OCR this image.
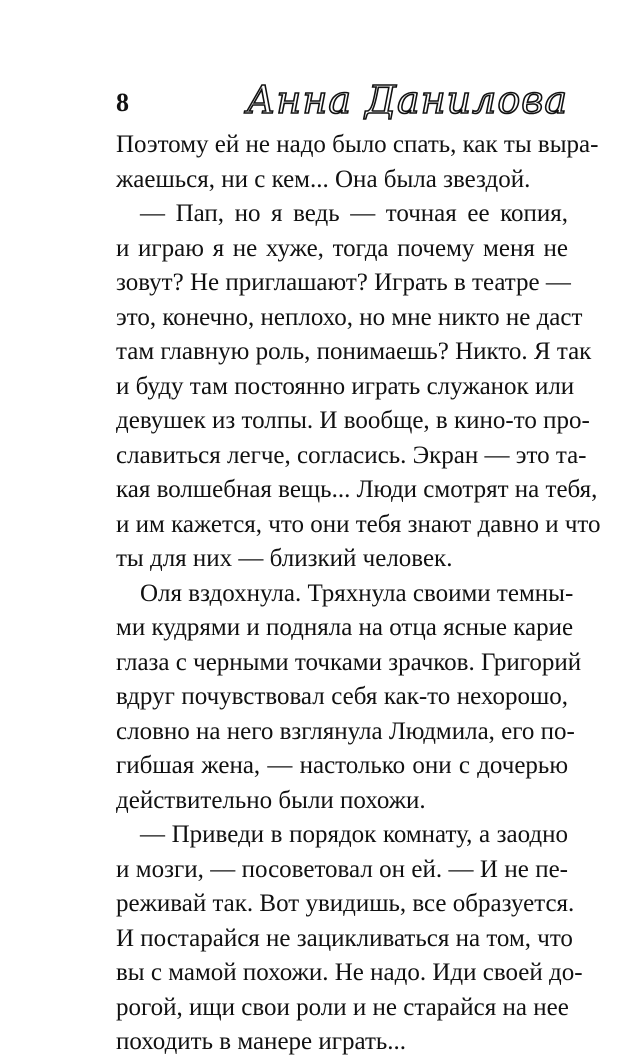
8	Анна Данилова
Поэтому ей не надо было спать, как ты выра-
жаешься, ни с кем... Она была звездой.
— Пап, но я ведь — точная ее копия,
и играю я не хуже, тогда почему меня не
зовут? Не приглашают? Играть в театре —
это, конечно, неплохо, но мне никто не даст
там главную роль, понимаешь? Никто. Я так
и буду там постоянно играть служанок или
девушек из толпы. И вообще, в кино-то про-
славиться легче, согласись. Экран — это та-
кая волшебная вещь... Люди смотрят на тебя,
и им кажется, что они тебя знают давно и что
ты для них — близкий человек.
Оля вздохнула. Тряхнула своими темны-
ми кудрями и подняла на отца ясные карие
глаза с черными точками зрачков. Григорий
вдруг почувствовал себя как-то нехорошо,
словно на него взглянула Людмила, его по-
гибшая жена, — настолько они с дочерью
действительно были похожи.
— Приведи в порядок комнату, а заодно
и мозги, — посоветовал он ей. — И не пе-
реживай так. Вот увидишь, все образуется.
И постарайся не зацикливаться на том, что
вы с мамой похожи. Не надо. Иди своей до-
рогой, ищи свои роли и не старайся на нее
походить в манере играть...
